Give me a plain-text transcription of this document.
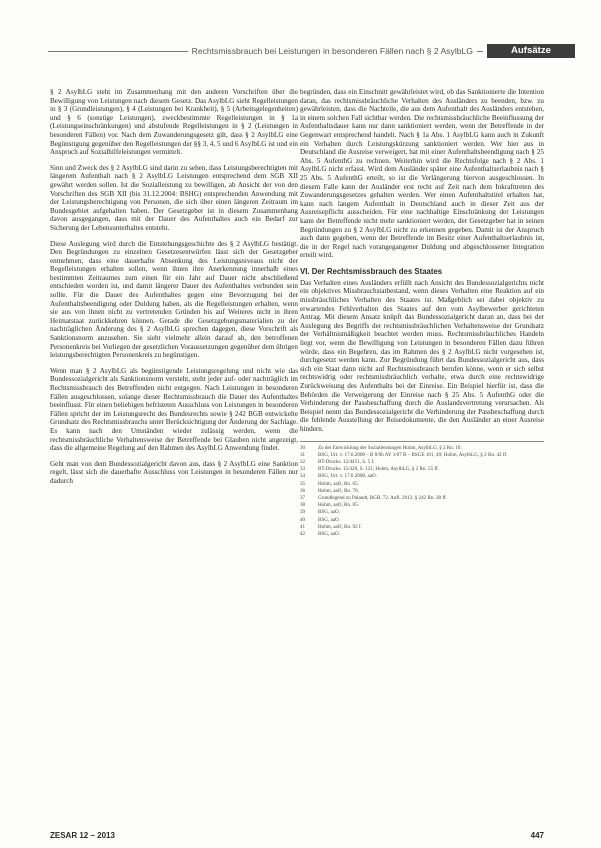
Rechtsmissbrauch bei Leistungen in besonderen Fällen nach § 2 AsylbLG	Aufsätze

§ 2 AsylbLG steht im Zusammenhang mit den anderen Vorschriften über die Bewilligung von Leistungen nach diesem Gesetz. Das AsylbLG sieht Regelleistungen in § 3 (Grundleistungen), § 4 (Leistungen bei Krankheit), § 5 (Arbeitsgelegenheiten) und § 6 (sonstige Leistungen), zweckbestimmte Regelleistungen in § 1a (Leistungseinschränkungen) und abstufende Regelleistungen in § 2 (Leistungen in besonderen Fällen) vor. Nach dem Zuwanderungsgesetz gilt, dass § 2 AsylbLG eine Begünstigung gegenüber den Regelleistungen der §§ 3, 4, 5 und 6 AsylbLG ist und ein Anspruch auf Sozialhilfeleistungen vermittelt.

Sinn und Zweck des § 2 AsylbLG sind darin zu sehen, dass Leistungsberechtigten mit längerem Aufenthalt nach § 2 AsylbLG Leistungen entsprechend dem SGB XII gewährt werden sollen. Ist die Sozialleistung zu bewilligen, ab Ansicht der von den Vorschriften des SGB XII (bis 31.12.2004: BSHG) entsprechenden Anwendung mit der Leistungsberechtigung von Personen, die sich über einen längeren Zeitraum im Bundesgebiet aufgehalten haben. Der Gesetzgeber ist in diesem Zusammenhang davon ausgegangen, dass mit der Dauer des Aufenthaltes auch ein Bedarf zur Sicherung der Lebensunterhaltes entsteht.

Diese Auslegung wird durch die Entstehungsgeschichte des § 2 AsylbLG bestätigt. Den Begründungen zu einzelnen Gesetzesentwürfen lässt sich der Gesetzgeber entnehmen, dass eine dauerhafte Absenkung des Leistungsniveaus nicht der Regelleistungen erhalten sollen, wenn ihnen ihre Anerkennung innerhalb eines bestimmten Zeitraumes zum einen für ein Jahr auf Dauer nicht abschließend entschieden worden ist, und damit längerer Dauer des Aufenthaltes verbunden sein sollte. Für die Dauer des Aufenthaltes gegen eine Bevorzugung bei der Aufenthaltsbeendigung oder Duldung haben, als die Regelleistungen erhalten, wenn sie aus von ihnen nicht zu vertretenden Gründen bis auf Weiteres nicht in ihren Heimatstaat zurückkehren können. Gerade die Gesetzgebungsmaterialien zu der nachträglichen Änderung des § 2 AsylbLG sprechen dagegen, diese Vorschrift als Sanktionsnorm anzusehen. Sie sieht vielmehr allein darauf ab, den betroffenen Personenkreis bei Vorliegen der gesetzlichen Voraussetzungen gegenüber dem übrigen leistungsberechtigten Personenkreis zu begünstigen.

Wenn man § 2 AsylbLG als begünstigende Leistungsregelung und nicht wie das Bundessozialgericht als Sanktionsnorm versteht, steht jeder auf- oder nachträglich im Rechtsmissbrauch des Betreffenden nicht entgegen. Nach Leistungen in besonderen Fällen ausgeschlossen, solange dieser Rechtsmissbrauch die Dauer des Aufenthaltes beeinflusst. Für einen beliebigen befristeten Ausschluss von Leistungen in besonderen Fällen spricht der im Leistungsrecht des Bundesrechts sowie § 242 BGB entwickelte Grundsatz des Rechtsmissbrauchs unter Berücksichtigung der Änderung der Sachlage. Es kann nach den Umständen wieder zulässig werden, wenn die rechtsmissbräuchliche Verhaltensweise der Betreffende bei Glauben nicht angezeigt, dass die allgemeine Regelung auf den Rahmen des AsylbLG Anwendung findet.

Geht man von dem Bundessozialgericht davon aus, dass § 2 AsylbLG eine Sanktion regelt, lässt sich die dauerhafte Ausschluss von Leistungen in besonderen Fällen nur dadurch

begründen, dass ein Einschnitt gewährleistet wird, ob das Sanktionierte die Intention daran, das rechtsmissbräuchliche Verhalten des Ausländers zu beenden, bzw. zu gewährleisten, dass die Nachteile, die aus dem Aufenthalt des Ausländers entstehen, in einem solchen Fall sichtbar werden. Die rechtsmissbräuchliche Beeinflussung der Aufenthaltsdauer kann nur dann sanktioniert werden, wenn der Betreffende in der Gegenwart entsprechend handelt. Nach § 1a Abs. 1 AsylbLG kann auch in Zukunft ein Verhalten durch Leistungskürzung sanktioniert werden. Wer hier aus in Deutschland die Ausreise verweigert, hat mit einer Aufenthaltsbeendigung nach § 25 Abs. 5 AufenthG zu rechnen. Weiterhin wird die Rechtsfolge nach § 2 Abs. 1 AsylbLG nicht erfasst. Wird dem Ausländer später eine Aufenthaltserlaubnis nach § 25 Abs. 5 AufenthG erteilt, so ist die Verlängerung hiervon ausgeschlossen. In diesem Falle kann der Ausländer erst recht auf Zeit nach dem Inkrafttreten des Zuwanderungsgesetzes gehalten werden. Wer einen Aufenthaltstitel erhalten hat, kann nach langem Aufenthalt in Deutschland auch in dieser Zeit aus der Ausreisepflicht ausscheiden. Für eine nachhaltige Einschränkung der Leistungen kann der Betreffende nicht mehr sanktioniert werden, der Gesetzgeber hat in seinen Begründungen zu § 2 AsylbLG nicht zu erkennen gegeben. Damit ist der Anspruch auch dann gegeben, wenn der Betreffende im Besitz einer Aufenthaltserlaubnis ist, die in der Regel nach vorangegangener Duldung und abgeschlossener Integration erteilt wird.

VI. Der Rechtsmissbrauch des Staates

Das Verhalten eines Ausländers erfüllt nach Ansicht des Bundessozialgerichts nicht ein objektives Missbrauchstatbestand, wenn dieses Verhalten eine Reaktion auf ein missbräuchliches Verhalten des Staates ist. Maßgeblich sei dabei objektiv zu erwartendes Fehlverhalten des Staates auf den vom Asylbewerber gerichteten Antrag. Mit diesem Ansatz knüpft das Bundessozialgericht daran an, dass bei der Auslegung des Begriffs der rechtsmissbräuchlichen Verhaltensweise der Grundsatz der Verhältnismäßigkeit beachtet werden muss. Rechtsmissbräuchliches Handeln liegt vor, wenn die Bewilligung von Leistungen in besonderen Fällen dazu führen würde, dass ein Begehren, das im Rahmen des § 2 AsylbLG nicht vorgesehen ist, durchgesetzt werden kann. Zur Begründung führt das Bundessozialgericht aus, dass sich ein Staat dann nicht auf Rechtsmissbrauch berufen könne, wenn er sich selbst rechtswidrig oder rechtsmissbräuchlich verhalte, etwa durch eine rechtswidrige Zurückweisung des Aufenthalts bei der Einreise. Ein Beispiel hierfür ist, dass die Behörden die Verweigerung der Einreise nach § 25 Abs. 5 AufenthG oder die Verhinderung der Passbeschaffung durch die Auslandsvertretung verursachen. Als Beispiel nennt das Bundessozialgericht die Verhinderung der Passbeschaffung durch die fehlende Ausstellung der Reisedokumente, die den Ausländer an einer Ausreise hindern.

30	Zu der Entwicklung der Sozialleistungen Hohm, AsylbLG, § 2 Rn. 10.
31	BSG, Urt. v. 17.6.2008 – B 8/9b AY 1/07 R – BSGE 101, 49; Hohm, AsylbLG, § 2 Rn. 42 ff.
32	BT-Drucks. 12/4451, S. 5 f.
33	BT-Drucks. 15/420, S. 121; Hohm, AsylbLG, § 2 Rn. 55 ff.
34	BSG, Urt. v. 17.6.2008, aaO.
35	Hohm, aaO, Rn. 65.
36	Hohm, aaO, Rn. 78.
37	Grundlegend zu Palandt, BGB, 72. Aufl. 2013, § 242 Rn. 38 ff.
38	Hohm, aaO, Rn. 85.
39	BSG, aaO.
40	BSG, aaO.
41	Hohm, aaO, Rn. 92 f.
42	BSG, aaO.
ZESAR 12 – 2013	447
